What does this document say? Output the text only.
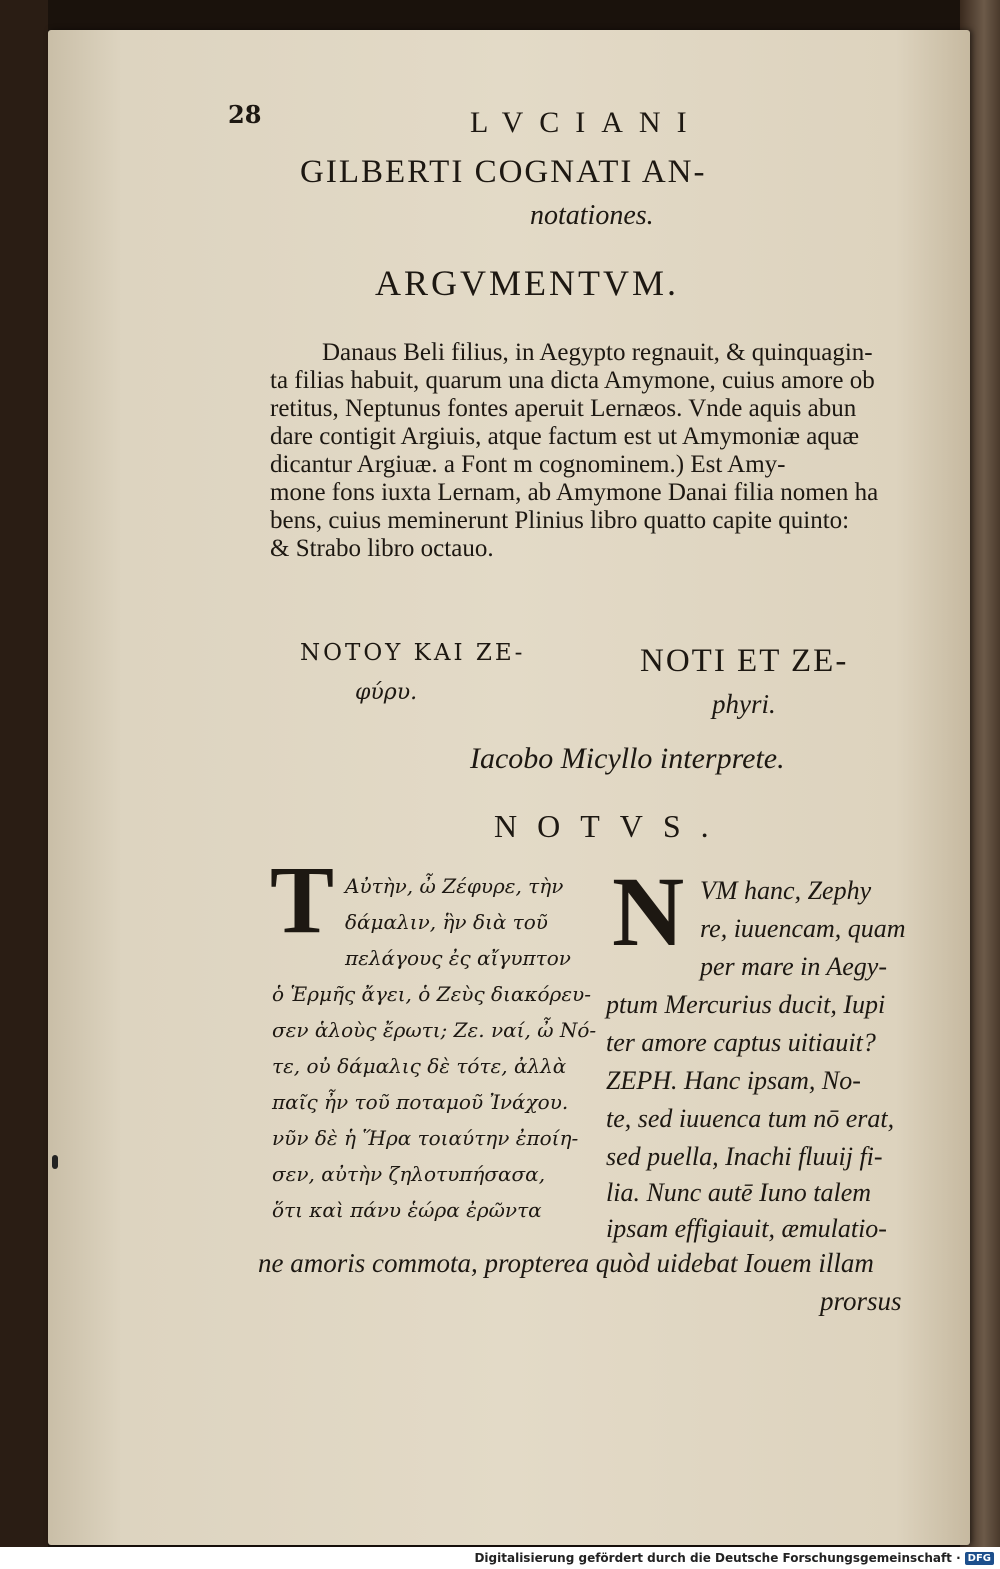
28	LVCIANI
GILBERTI COGNATI AN-
notationes.
ARGVMENTVM.
Danaus Beli filius, in Aegypto regnauit, & quinquagin-
ta filias habuit, quarum una dicta Amymone, cuius amore ob
retitus, Neptunus fontes aperuit Lernæos. Vnde aquis abun
dare contigit Argiuis, atque factum est ut Amymoniæ aquæ
dicantur Argiuæ. a Font m cognominem.) Est Amy-
mone fons iuxta Lernam, ab Amymone Danai filia nomen ha
bens, cuius meminerunt Plinius libro quatto capite quinto:
& Strabo libro octauo.
ΝΟΤΟΥ ΚΑΙ ΖΕ-
φύρυ.
NOTI ET ZE-
phyri.
Iacobo Micyllo interprete.
NOTVS.
T Αὐτὴν, ὦ Ζέφυρε, τὴν
δάμαλιν, ἣν διὰ τοῦ
πελάγους ἐς αἴγυπτον
ὁ Ἑρμῆς ἄγει, ὁ Ζεὺς διακόρευ-
σεν ἁλοὺς ἔρωτι; Ζε. ναί, ὦ Νό-
τε, οὐ δάμαλις δὲ τότε, ἀλλὰ
παῖς ἦν τοῦ ποταμοῦ Ἰνάχου.
νῦν δὲ ἡ Ἥρα τοιαύτην ἐποίη-
σεν, αὐτὴν ζηλοτυπήσασα,
ὅτι καὶ πάνυ ἑώρα ἐρῶντα
N VM hanc, Zephy
re, iuuencam, quam
per mare in Aegy-
ptum Mercurius ducit, Iupi
ter amore captus uitiauit?
ZEPH. Hanc ipsam, No-
te, sed iuuenca tum nō erat,
sed puella, Inachi fluuij fi-
lia. Nunc autē Iuno talem
ipsam effigiauit, æmulatio-
ne amoris commota, propterea quòd uidebat Iouem illam
prorsus
Digitalisierung gefördert durch die Deutsche Forschungsgemeinschaft · DFG
